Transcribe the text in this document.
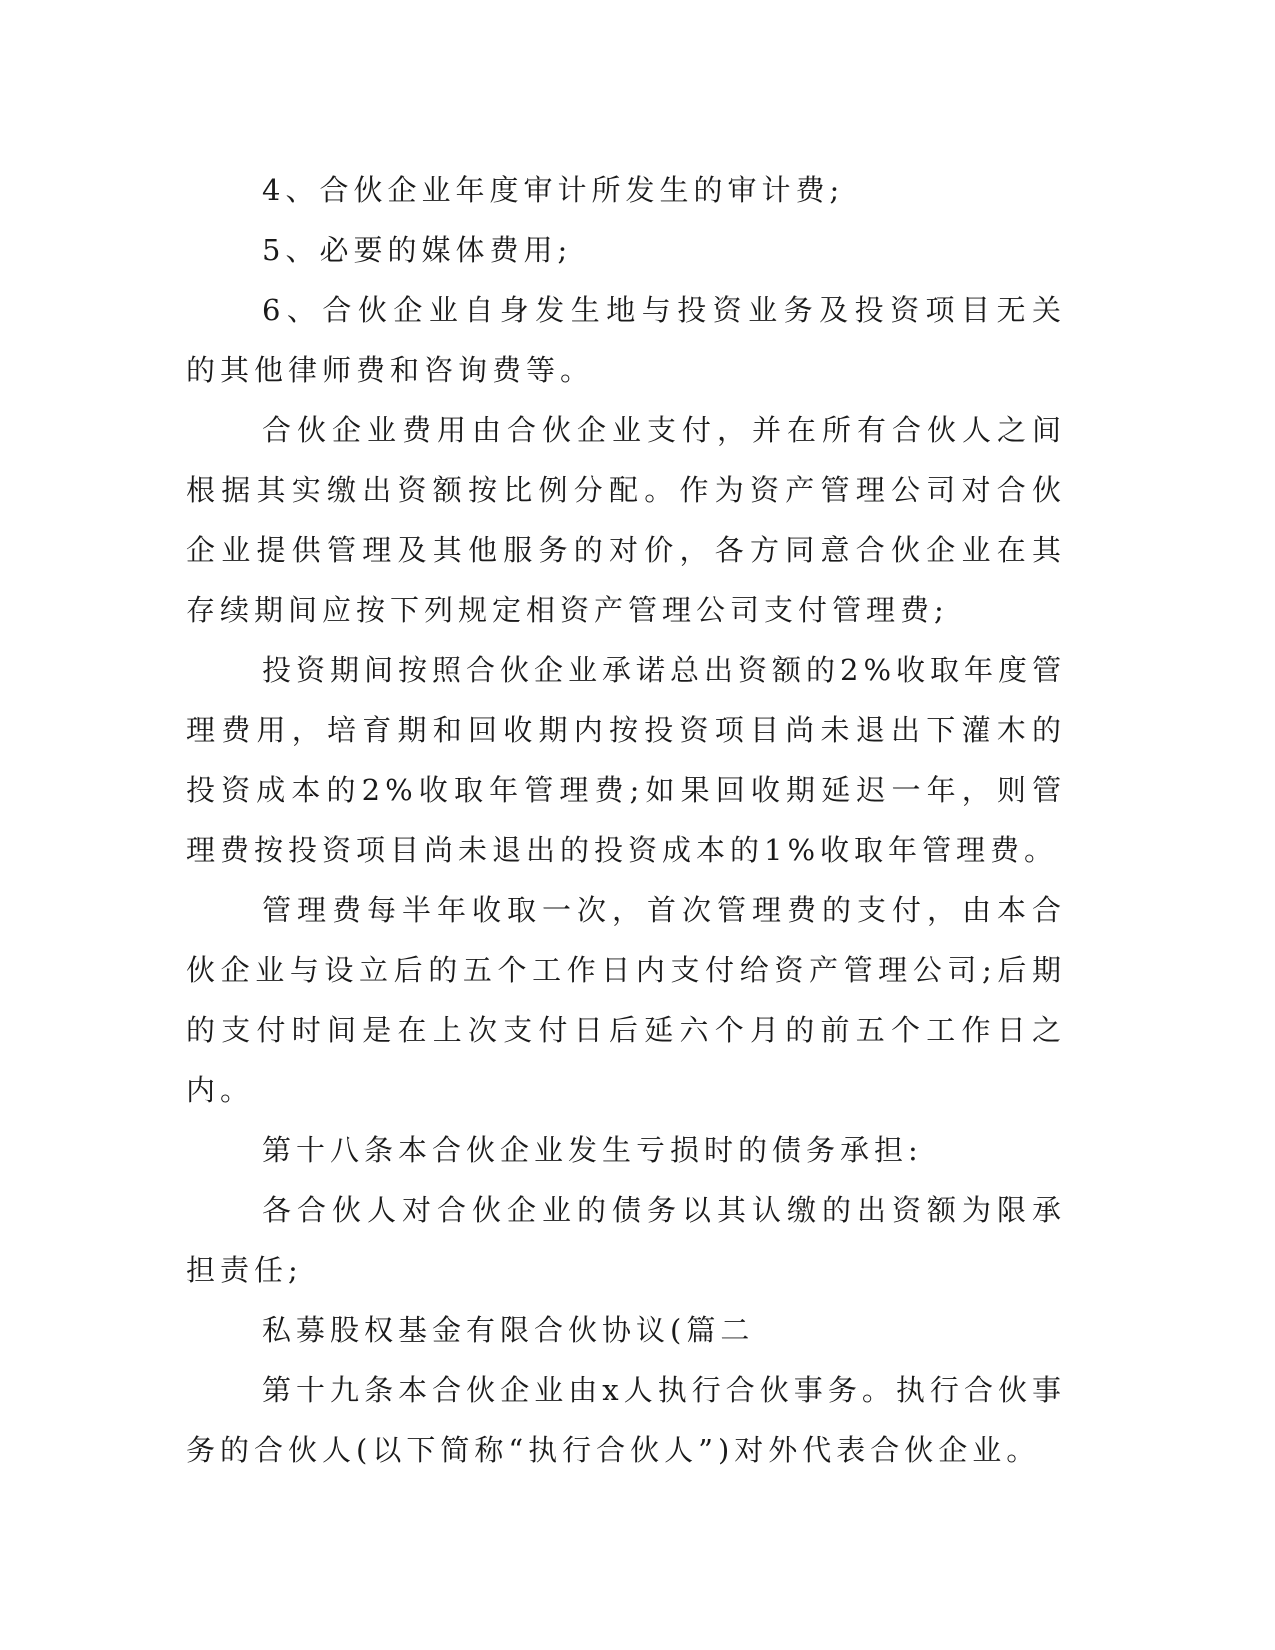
4、合伙企业年度审计所发生的审计费;

5、必要的媒体费用;

6、合伙企业自身发生地与投资业务及投资项目无关的其他律师费和咨询费等。

合伙企业费用由合伙企业支付，并在所有合伙人之间根据其实缴出资额按比例分配。作为资产管理公司对合伙企业提供管理及其他服务的对价，各方同意合伙企业在其存续期间应按下列规定相资产管理公司支付管理费;

投资期间按照合伙企业承诺总出资额的2%收取年度管理费用，培育期和回收期内按投资项目尚未退出下灌木的投资成本的2%收取年管理费;如果回收期延迟一年，则管理费按投资项目尚未退出的投资成本的1%收取年管理费。

管理费每半年收取一次，首次管理费的支付，由本合伙企业与设立后的五个工作日内支付给资产管理公司;后期的支付时间是在上次支付日后延六个月的前五个工作日之内。

第十八条本合伙企业发生亏损时的债务承担:

各合伙人对合伙企业的债务以其认缴的出资额为限承担责任;

私募股权基金有限合伙协议(篇二

第十九条本合伙企业由x人执行合伙事务。执行合伙事务的合伙人(以下简称“执行合伙人”)对外代表合伙企业。
